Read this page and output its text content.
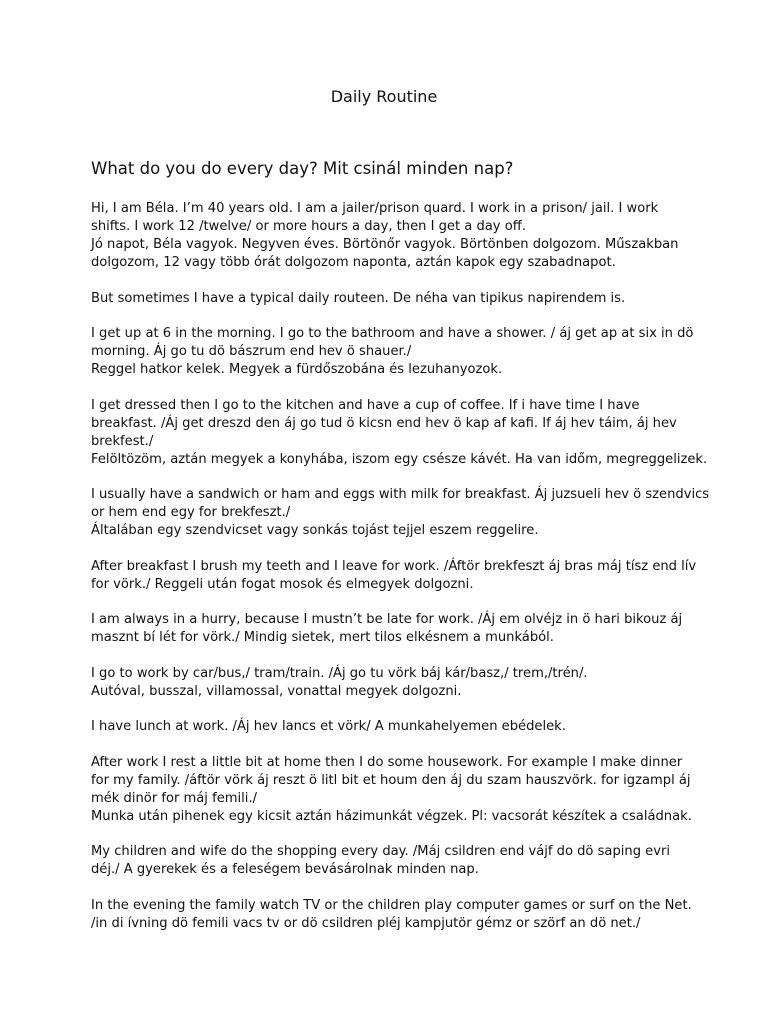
Daily Routine
What do you do every day? Mit csinál minden nap?
Hi, I am Béla. I’m 40 years old. I am a jailer/prison quard. I work in a prison/ jail. I work
shifts. I work 12 /twelve/ or more hours a day, then I get a day off.
Jó napot, Béla vagyok. Negyven éves. Börtönőr vagyok. Börtönben dolgozom. Műszakban
dolgozom, 12 vagy több órát dolgozom naponta, aztán kapok egy szabadnapot.
But sometimes I have a typical daily routeen. De néha van tipikus napirendem is.
I get up at 6 in the morning. I go to the bathroom and have a shower. / áj get ap at six in dö
morning. Áj go tu dö bászrum end hev ö shauer./
Reggel hatkor kelek. Megyek a fürdőszobána és lezuhanyozok.
I get dressed then I go to the kitchen and have a cup of coffee. If i have time I have
breakfast. /Áj get dreszd den áj go tud ö kicsn end hev ö kap af kafi. If áj hev táim, áj hev
brekfest./
Felöltözöm, aztán megyek a konyhába, iszom egy csésze kávét. Ha van időm, megreggelizek.
I usually have a sandwich or ham and eggs with milk for breakfast. Áj juzsueli hev ö szendvics
or hem end egy for brekfeszt./
Általában egy szendvicset vagy sonkás tojást tejjel eszem reggelire.
After breakfast I brush my teeth and I leave for work. /Áftör brekfeszt áj bras máj tísz end lív
for vörk./ Reggeli után fogat mosok és elmegyek dolgozni.
I am always in a hurry, because I mustn’t be late for work. /Áj em olvéjz in ö hari bikouz áj
masznt bí lét for vörk./ Mindig sietek, mert tilos elkésnem a munkából.
I go to work by car/bus,/ tram/train. /Áj go tu vörk báj kár/basz,/ trem,/trén/.
Autóval, busszal, villamossal, vonattal megyek dolgozni.
I have lunch at work. /Áj hev lancs et vörk/ A munkahelyemen ebédelek.
After work I rest a little bit at home then I do some housework. For example I make dinner
for my family. /áftör vörk áj reszt ö litl bit et houm den áj du szam hauszvörk. for igzampl áj
mék dinör for máj femili./
Munka után pihenek egy kicsit aztán házimunkát végzek. Pl: vacsorát készítek a családnak.
My children and wife do the shopping every day. /Máj csildren end vájf do dö saping evri
déj./ A gyerekek és a feleségem bevásárolnak minden nap.
In the evening the family watch TV or the children play computer games or surf on the Net.
/in di ívning dö femili vacs tv or dö csildren pléj kampjutör gémz or szörf an dö net./
